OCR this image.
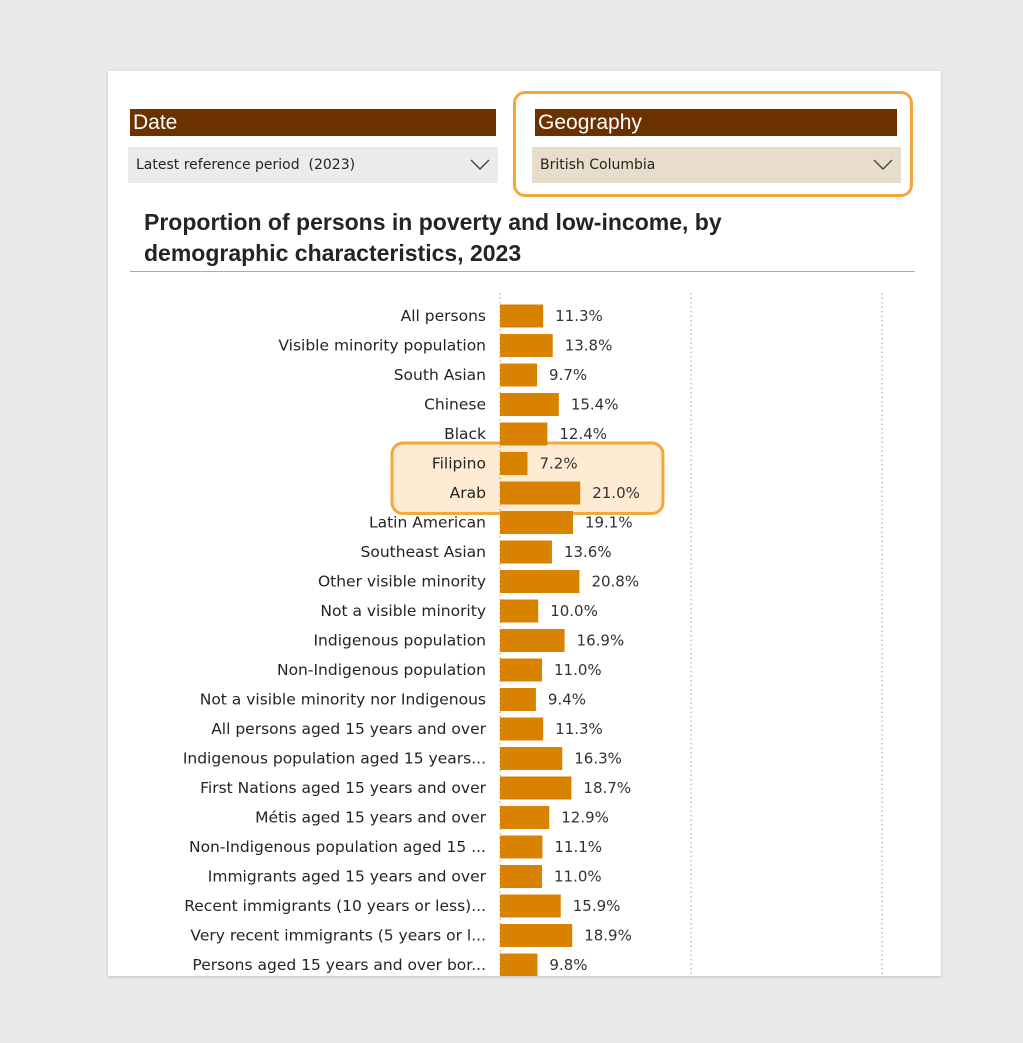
Date
Latest reference period  (2023)
Geography
British Columbia
Proportion of persons in poverty and low-income, by demographic characteristics, 2023
All persons	11.3%
Visible minority population	13.8%
South Asian	9.7%
Chinese	15.4%
Black	12.4%
Filipino	7.2%
Arab	21.0%
Latin American	19.1%
Southeast Asian	13.6%
Other visible minority	20.8%
Not a visible minority	10.0%
Indigenous population	16.9%
Non-Indigenous population	11.0%
Not a visible minority nor Indigenous	9.4%
All persons aged 15 years and over	11.3%
Indigenous population aged 15 years...	16.3%
First Nations aged 15 years and over	18.7%
Métis aged 15 years and over	12.9%
Non-Indigenous population aged 15 ...	11.1%
Immigrants aged 15 years and over	11.0%
Recent immigrants (10 years or less)...	15.9%
Very recent immigrants (5 years or l...	18.9%
Persons aged 15 years and over bor...	9.8%
